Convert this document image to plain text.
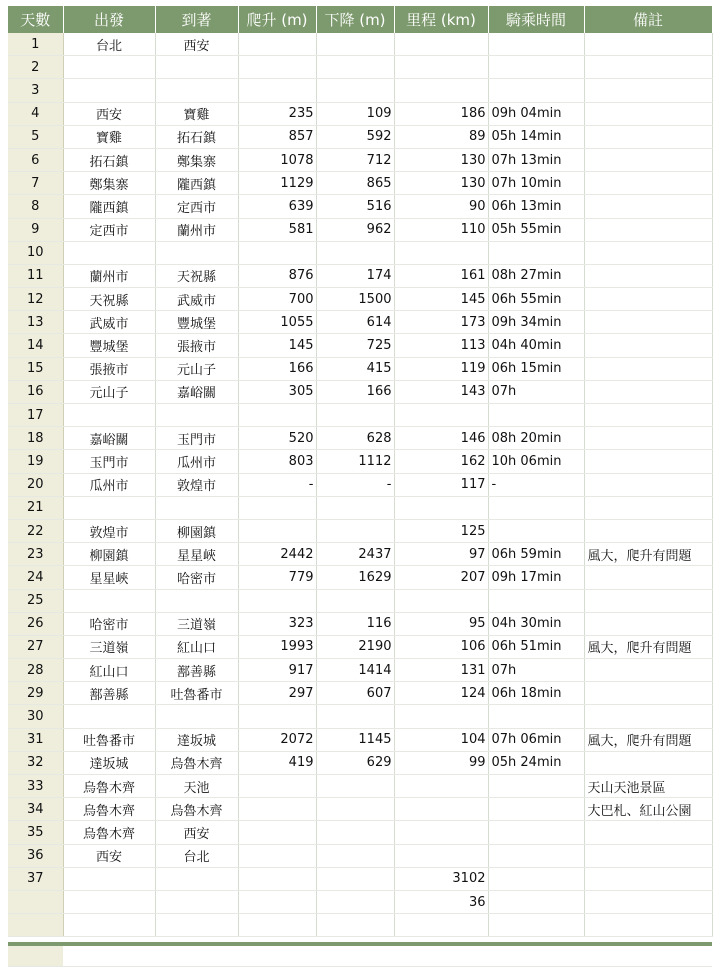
天數	出發	到著	爬升 (m)	下降 (m)	里程 (km)	騎乘時間	備註
1	台北	西安					
2							
3							
4	西安	寶雞	235	109	186	09h 04min	
5	寶雞	拓石鎮	857	592	89	05h 14min	
6	拓石鎮	鄭集寨	1078	712	130	07h 13min	
7	鄭集寨	隴西鎮	1129	865	130	07h 10min	
8	隴西鎮	定西市	639	516	90	06h 13min	
9	定西市	蘭州市	581	962	110	05h 55min	
10							
11	蘭州市	天祝縣	876	174	161	08h 27min	
12	天祝縣	武威市	700	1500	145	06h 55min	
13	武威市	豐城堡	1055	614	173	09h 34min	
14	豐城堡	張掖市	145	725	113	04h 40min	
15	張掖市	元山子	166	415	119	06h 15min	
16	元山子	嘉峪關	305	166	143	07h	
17							
18	嘉峪關	玉門市	520	628	146	08h 20min	
19	玉門市	瓜州市	803	1112	162	10h 06min	
20	瓜州市	敦煌市	-	-	117	-	
21							
22	敦煌市	柳園鎮			125		
23	柳園鎮	星星峽	2442	2437	97	06h 59min	風大，爬升有問題
24	星星峽	哈密市	779	1629	207	09h 17min	
25							
26	哈密市	三道嶺	323	116	95	04h 30min	
27	三道嶺	紅山口	1993	2190	106	06h 51min	風大，爬升有問題
28	紅山口	鄯善縣	917	1414	131	07h	
29	鄯善縣	吐魯番市	297	607	124	06h 18min	
30							
31	吐魯番市	達坂城	2072	1145	104	07h 06min	風大，爬升有問題
32	達坂城	烏魯木齊	419	629	99	05h 24min	
33	烏魯木齊	天池					天山天池景區
34	烏魯木齊	烏魯木齊					大巴札、紅山公園
35	烏魯木齊	西安					
36	西安	台北					
37					3102		
					36		
